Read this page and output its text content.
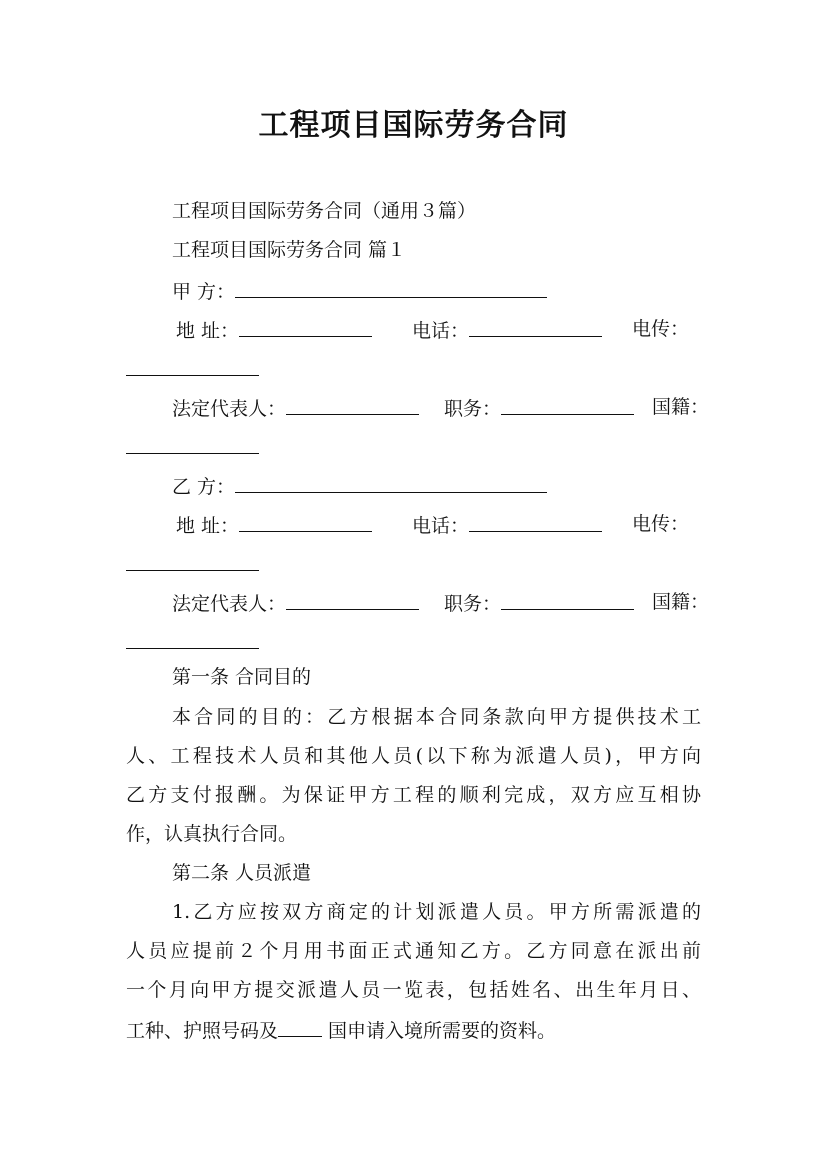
工程项目国际劳务合同
工程项目国际劳务合同（通用３篇）
工程项目国际劳务合同 篇１
甲 方：
地 址：	电话：	电传：
法定代表人：	职务：	国籍：
乙 方：
地 址：	电话：	电传：
法定代表人：	职务：	国籍：
第一条 合同目的
本合同的目的：乙方根据本合同条款向甲方提供技术工
人、工程技术人员和其他人员(以下称为派遣人员)，甲方向
乙方支付报酬。为保证甲方工程的顺利完成，双方应互相协
作，认真执行合同。
第二条 人员派遣
1.乙方应按双方商定的计划派遣人员。甲方所需派遣的
人员应提前２个月用书面正式通知乙方。乙方同意在派出前
一个月向甲方提交派遣人员一览表，包括姓名、出生年月日、
工种、护照号码及 国申请入境所需要的资料。
